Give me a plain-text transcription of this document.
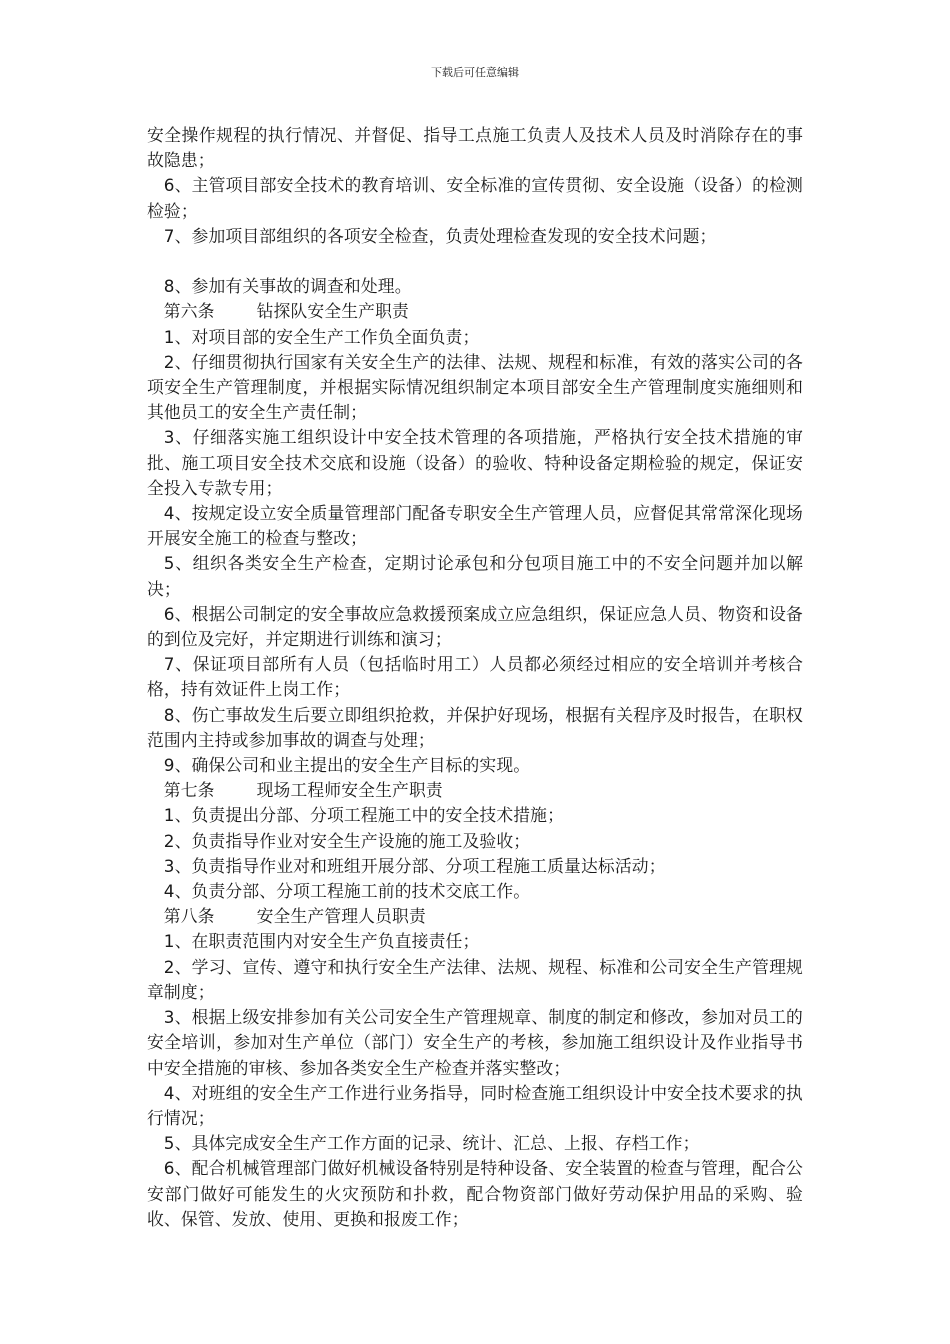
下载后可任意编辑

安全操作规程的执行情况、并督促、指导工点施工负责人及技术人员及时消除存在的事故隐患；

6、主管项目部安全技术的教育培训、安全标准的宣传贯彻、安全设施（设备）的检测检验；

7、参加项目部组织的各项安全检查，负责处理检查发现的安全技术问题；

8、参加有关事故的调查和处理。

第六条	钻探队安全生产职责

1、对项目部的安全生产工作负全面负责；

2、仔细贯彻执行国家有关安全生产的法律、法规、规程和标准，有效的落实公司的各项安全生产管理制度，并根据实际情况组织制定本项目部安全生产管理制度实施细则和其他员工的安全生产责任制；

3、仔细落实施工组织设计中安全技术管理的各项措施，严格执行安全技术措施的审批、施工项目安全技术交底和设施（设备）的验收、特种设备定期检验的规定，保证安全投入专款专用；

4、按规定设立安全质量管理部门配备专职安全生产管理人员，应督促其常常深化现场开展安全施工的检查与整改；

5、组织各类安全生产检查，定期讨论承包和分包项目施工中的不安全问题并加以解决；

6、根据公司制定的安全事故应急救援预案成立应急组织，保证应急人员、物资和设备的到位及完好，并定期进行训练和演习；

7、保证项目部所有人员（包括临时用工）人员都必须经过相应的安全培训并考核合格，持有效证件上岗工作；

8、伤亡事故发生后要立即组织抢救，并保护好现场，根据有关程序及时报告，在职权范围内主持或参加事故的调查与处理；

9、确保公司和业主提出的安全生产目标的实现。

第七条	现场工程师安全生产职责

1、负责提出分部、分项工程施工中的安全技术措施；

2、负责指导作业对安全生产设施的施工及验收；

3、负责指导作业对和班组开展分部、分项工程施工质量达标活动；

4、负责分部、分项工程施工前的技术交底工作。

第八条	安全生产管理人员职责

1、在职责范围内对安全生产负直接责任；

2、学习、宣传、遵守和执行安全生产法律、法规、规程、标准和公司安全生产管理规章制度；

3、根据上级安排参加有关公司安全生产管理规章、制度的制定和修改，参加对员工的安全培训，参加对生产单位（部门）安全生产的考核，参加施工组织设计及作业指导书中安全措施的审核、参加各类安全生产检查并落实整改；

4、对班组的安全生产工作进行业务指导，同时检查施工组织设计中安全技术要求的执行情况；

5、具体完成安全生产工作方面的记录、统计、汇总、上报、存档工作；

6、配合机械管理部门做好机械设备特别是特种设备、安全装置的检查与管理，配合公安部门做好可能发生的火灾预防和扑救，配合物资部门做好劳动保护用品的采购、验收、保管、发放、使用、更换和报废工作；
